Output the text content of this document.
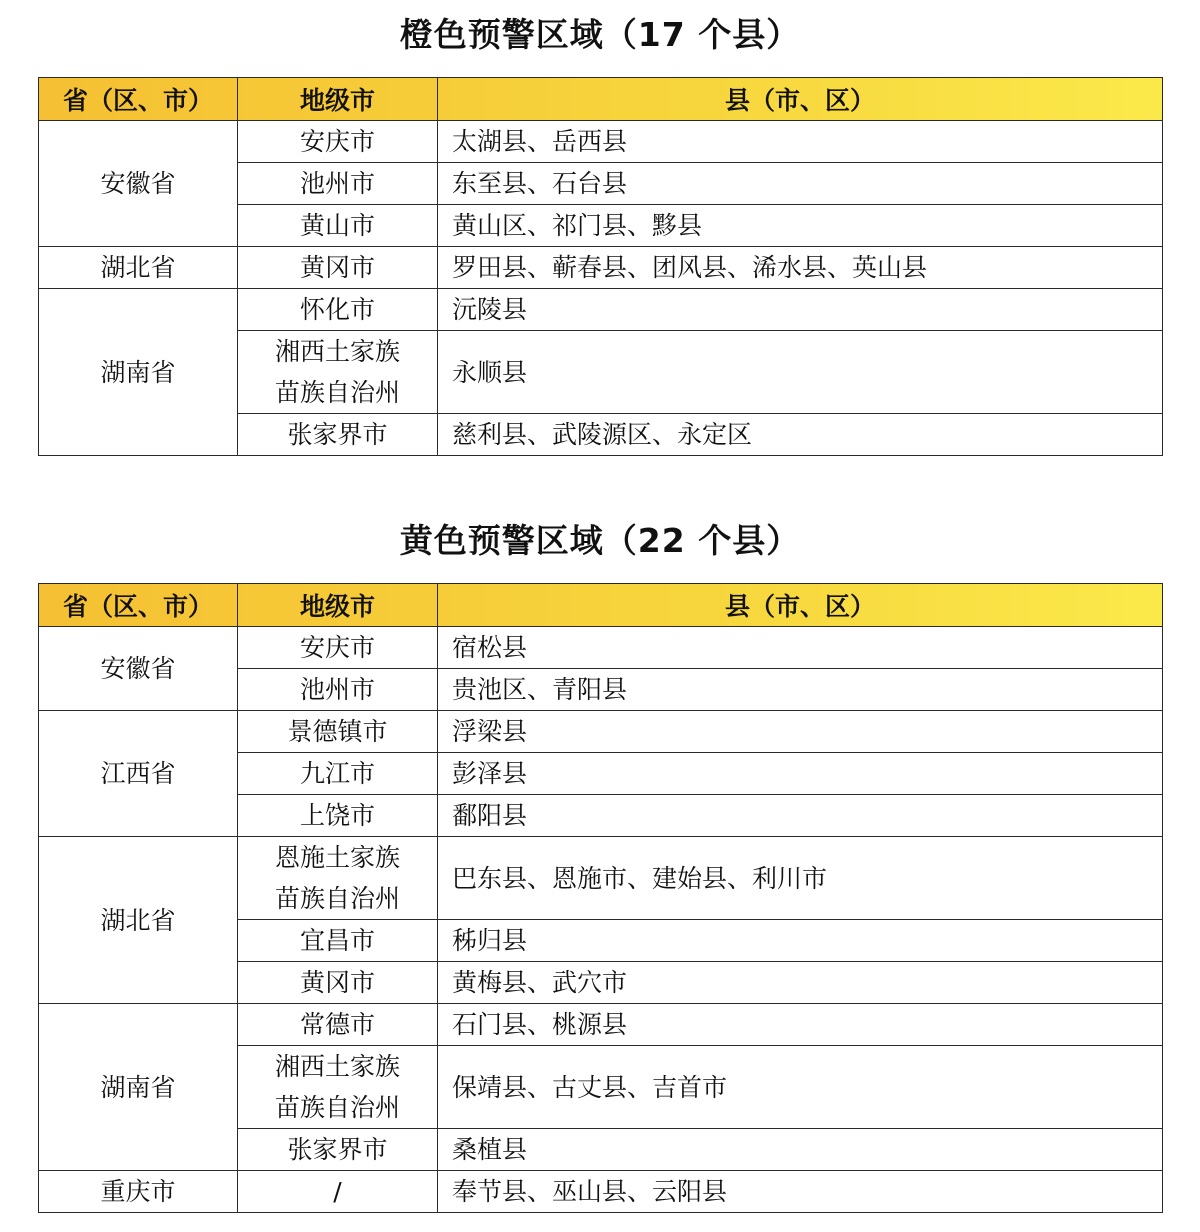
橙色预警区域（17 个县）
省（区、市）	地级市	县（市、区）
安徽省	安庆市	太湖县、岳西县
	池州市	东至县、石台县
	黄山市	黄山区、祁门县、黟县
湖北省	黄冈市	罗田县、蕲春县、团风县、浠水县、英山县
湖南省	怀化市	沅陵县

	湘西土家族
苗族自治州	永顺县

	张家界市	慈利县、武陵源区、永定区
黄色预警区域（22 个县）
省（区、市）	地级市	县（市、区）
安徽省	安庆市	宿松县
	池州市	贵池区、青阳县
江西省	景德镇市	浮梁县
	九江市	彭泽县
	上饶市	鄱阳县
湖北省	恩施土家族
苗族自治州	巴东县、恩施市、建始县、利川市

	宜昌市	秭归县
	黄冈市	黄梅县、武穴市
湖南省	常德市	石门县、桃源县

	湘西土家族
苗族自治州	保靖县、古丈县、吉首市

	张家界市	桑植县
重庆市	/	奉节县、巫山县、云阳县
